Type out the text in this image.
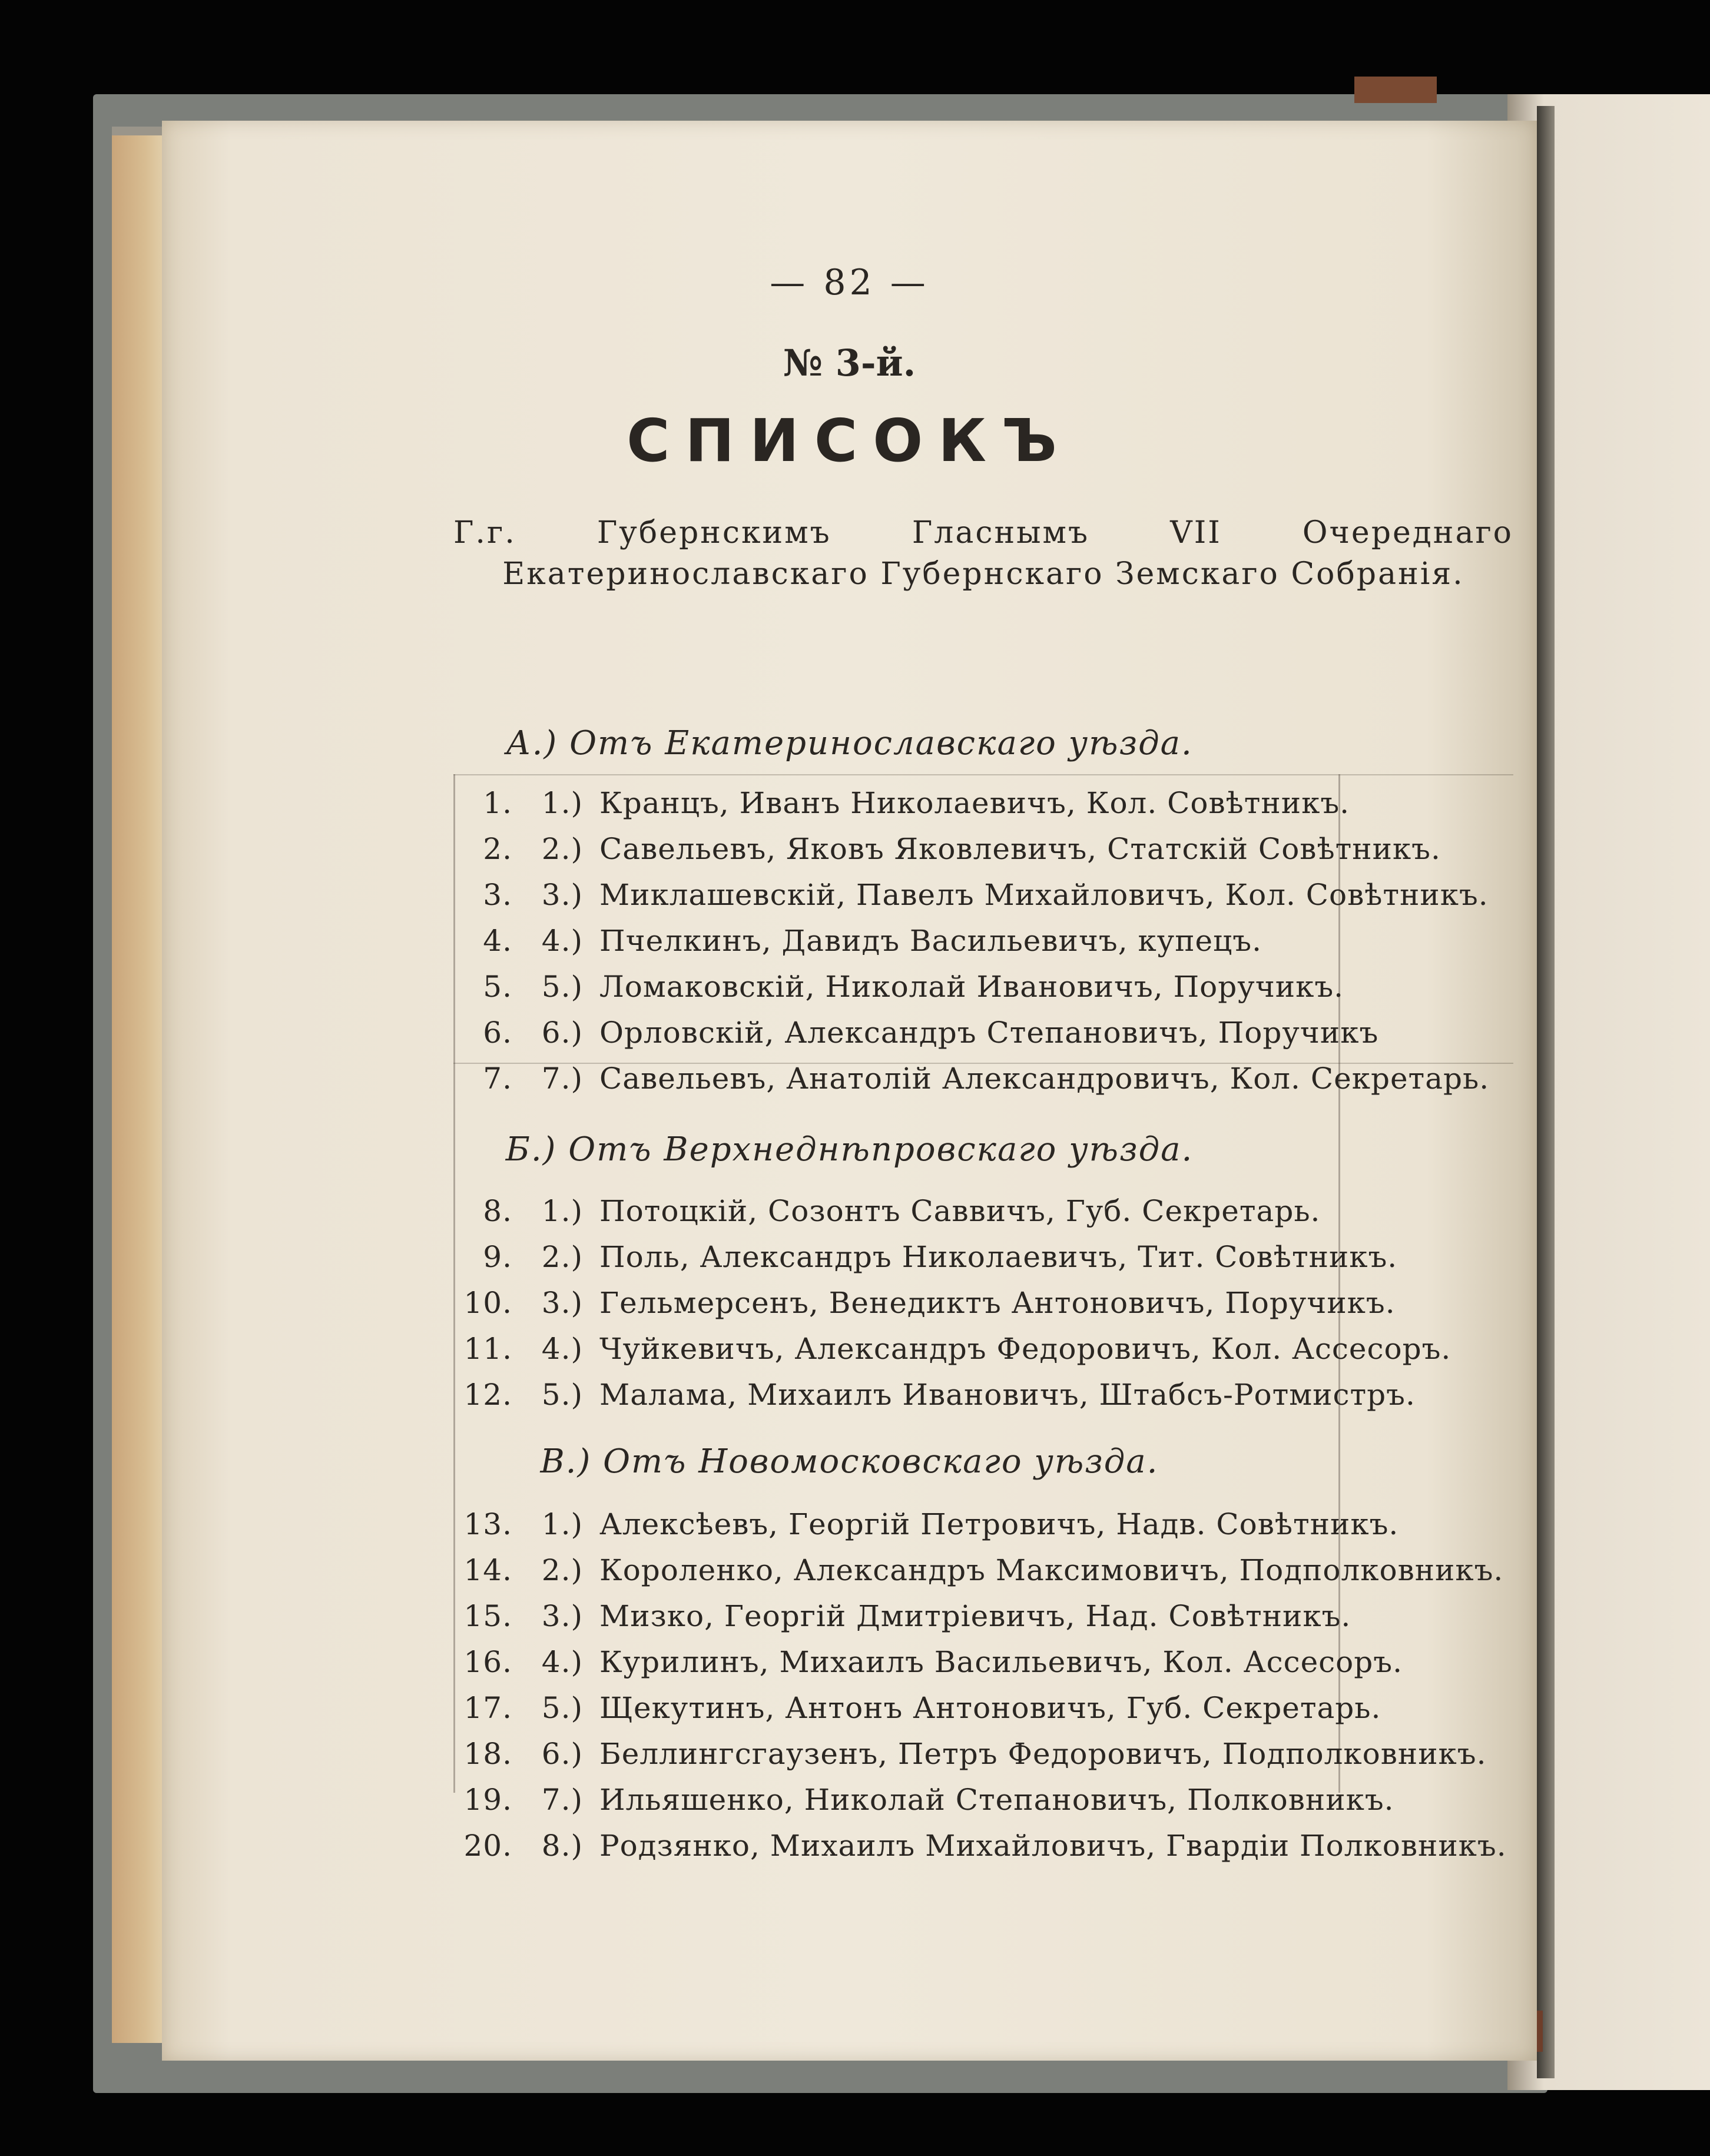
— 82 —
№ 3-й.
СПИСОКЪ
Г.г. Губернскимъ Гласнымъ VII Очереднаго Екатеринославскаго Губернскаго Земскаго Собранія.
А.) Отъ Екатеринославскаго уѣзда.
1. 1.) Кранцъ, Иванъ Николаевичъ, Кол. Совѣтникъ.
2. 2.) Савельевъ, Яковъ Яковлевичъ, Статскій Совѣтникъ.
3. 3.) Миклашевскій, Павелъ Михайловичъ, Кол. Совѣтникъ.
4. 4.) Пчелкинъ, Давидъ Васильевичъ, купецъ.
5. 5.) Ломаковскій, Николай Ивановичъ, Поручикъ.
6. 6.) Орловскій, Александръ Степановичъ, Поручикъ
7. 7.) Савельевъ, Анатолій Александровичъ, Кол. Секретарь.
Б.) Отъ Верхнеднѣпровскаго уѣзда.
8. 1.) Потоцкій, Созонтъ Саввичъ, Губ. Секретарь.
9. 2.) Поль, Александръ Николаевичъ, Тит. Совѣтникъ.
10. 3.) Гельмерсенъ, Венедиктъ Антоновичъ, Поручикъ.
11. 4.) Чуйкевичъ, Александръ Федоровичъ, Кол. Ассесоръ.
12. 5.) Малама, Михаилъ Ивановичъ, Штабсъ-Ротмистръ.
В.) Отъ Новомосковскаго уѣзда.
13. 1.) Алексѣевъ, Георгій Петровичъ, Надв. Совѣтникъ.
14. 2.) Короленко, Александръ Максимовичъ, Подполковникъ.
15. 3.) Мизко, Георгій Дмитріевичъ, Над. Совѣтникъ.
16. 4.) Курилинъ, Михаилъ Васильевичъ, Кол. Ассесоръ.
17. 5.) Щекутинъ, Антонъ Антоновичъ, Губ. Секретарь.
18. 6.) Беллингсгаузенъ, Петръ Федоровичъ, Подполковникъ.
19. 7.) Ильяшенко, Николай Степановичъ, Полковникъ.
20. 8.) Родзянко, Михаилъ Михайловичъ, Гвардіи Полковникъ.
